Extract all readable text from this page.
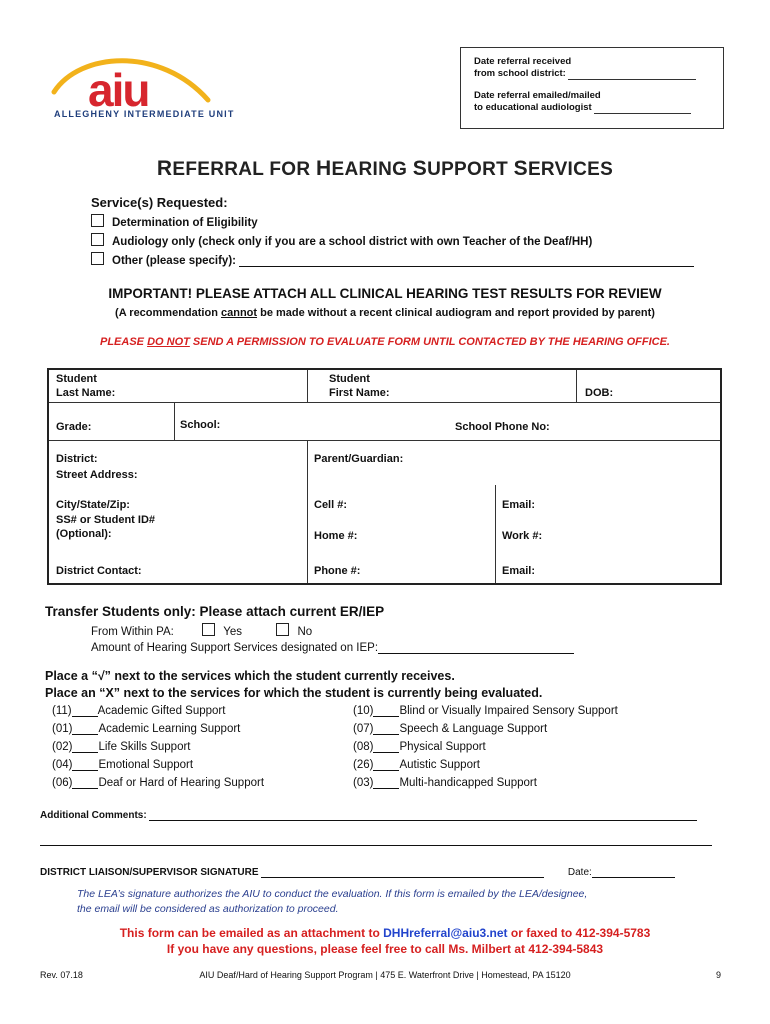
aiu
ALLEGHENY INTERMEDIATE UNIT
Date referral received
from school district:
Date referral emailed/mailed
to educational audiologist
REFERRAL FOR HEARING SUPPORT SERVICES
Service(s) Requested:
Determination of Eligibility
Audiology only (check only if you are a school district with own Teacher of the Deaf/HH)
Other (please specify):
IMPORTANT! PLEASE ATTACH ALL CLINICAL HEARING TEST RESULTS FOR REVIEW
(A recommendation cannot be made without a recent clinical audiogram and report provided by parent)
PLEASE DO NOT SEND A PERMISSION TO EVALUATE FORM UNTIL CONTACTED BY THE HEARING OFFICE.
Student
Last Name:
Student
First Name:	DOB:
Grade:	School:	School Phone No:
District:
Street Address:
Parent/Guardian:
City/State/Zip:	Cell #:	Email:
SS# or Student ID#
(Optional):	Home #:	Work #:
District Contact:	Phone #:	Email:
Transfer Students only: Please attach current ER/IEP
From Within PA:	Yes	No
Amount of Hearing Support Services designated on IEP:
Place a “√” next to the services which the student currently receives.
Place an “X” next to the services for which the student is currently being evaluated.
(11) Academic Gifted Support
(01) Academic Learning Support
(02) Life Skills Support
(04) Emotional Support
(06) Deaf or Hard of Hearing Support
(10) Blind or Visually Impaired Sensory Support
(07) Speech & Language Support
(08) Physical Support
(26) Autistic Support
(03) Multi-handicapped Support
Additional Comments:
DISTRICT LIAISON/SUPERVISOR SIGNATURE	Date:
The LEA’s signature authorizes the AIU to conduct the evaluation. If this form is emailed by the LEA/designee,
the email will be considered as authorization to proceed.
This form can be emailed as an attachment to DHHreferral@aiu3.net or faxed to 412-394-5783
If you have any questions, please feel free to call Ms. Milbert at 412-394-5843
Rev. 07.18	AIU Deaf/Hard of Hearing Support Program | 475 E. Waterfront Drive | Homestead, PA 15120	9
